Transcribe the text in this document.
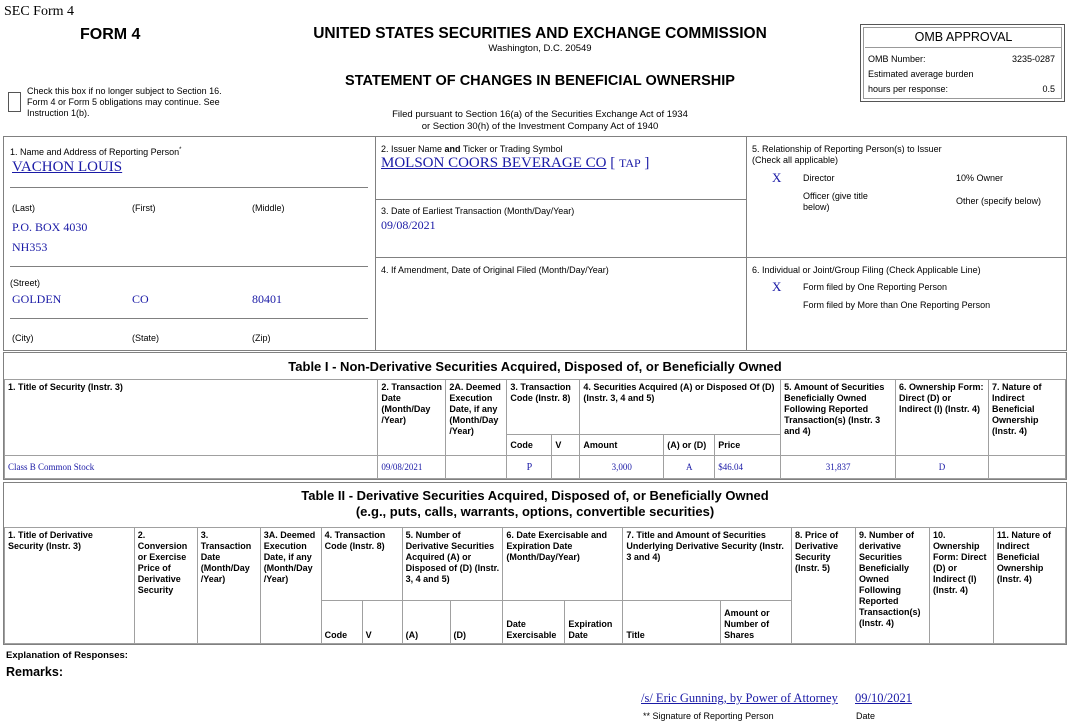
SEC Form 4
FORM 4	UNITED STATES SECURITIES AND EXCHANGE COMMISSION
Washington, D.C. 20549
STATEMENT OF CHANGES IN BENEFICIAL OWNERSHIP
Filed pursuant to Section 16(a) of the Securities Exchange Act of 1934
or Section 30(h) of the Investment Company Act of 1940
Check this box if no longer subject to Section 16. Form 4 or Form 5 obligations may continue. See Instruction 1(b).
OMB APPROVAL
OMB Number:	3235-0287
Estimated average burden
hours per response:	0.5
1. Name and Address of Reporting Person*
VACHON LOUIS
(Last)	(First)	(Middle)
P.O. BOX 4030
NH353
(Street)
GOLDEN	CO	80401
(City)	(State)	(Zip)
2. Issuer Name and Ticker or Trading Symbol
MOLSON COORS BEVERAGE CO [ TAP ]
3. Date of Earliest Transaction (Month/Day/Year)
09/08/2021
4. If Amendment, Date of Original Filed (Month/Day/Year)
5. Relationship of Reporting Person(s) to Issuer
(Check all applicable)
X Director	10% Owner
Officer (give title below)
Other (specify below)
6. Individual or Joint/Group Filing (Check Applicable Line)
X Form filed by One Reporting Person
Form filed by More than One Reporting Person
Table I - Non-Derivative Securities Acquired, Disposed of, or Beneficially Owned
1. Title of Security (Instr. 3)	2. Transaction Date (Month/Day /Year)	2A. Deemed Execution Date, if any (Month/Day /Year)	3. Transaction Code (Instr. 8)		4. Securities Acquired (A) or Disposed Of (D) (Instr. 3, 4 and 5)			5. Amount of Securities Beneficially Owned Following Reported Transaction(s) (Instr. 3 and 4)	6. Ownership Form: Direct (D) or Indirect (I) (Instr. 4)	7. Nature of Indirect Beneficial Ownership (Instr. 4)
			Code	V	Amount	(A) or (D)	Price			
Class B Common Stock	09/08/2021		P		3,000	A	$46.04	31,837	D	
Table II - Derivative Securities Acquired, Disposed of, or Beneficially Owned
(e.g., puts, calls, warrants, options, convertible securities)
1. Title of Derivative Security (Instr. 3)	2. Conversion or Exercise Price of Derivative Security	3. Transaction Date (Month/Day /Year)	3A. Deemed Execution Date, if any (Month/Day /Year)	4. Transaction Code (Instr. 8)		5. Number of Derivative Securities Acquired (A) or Disposed of (D) (Instr. 3, 4 and 5)		6. Date Exercisable and Expiration Date (Month/Day/Year)		7. Title and Amount of Securities Underlying Derivative Security (Instr. 3 and 4)		8. Price of Derivative Security (Instr. 5)	9. Number of derivative Securities Beneficially Owned Following Reported Transaction(s) (Instr. 4)	10. Ownership Form: Direct (D) or Indirect (I) (Instr. 4)	11. Nature of Indirect Beneficial Ownership (Instr. 4)
				Code	V	(A)	(D)	Date Exercisable	Expiration Date	Title	Amount or Number of Shares				
Explanation of Responses:
Remarks:
/s/ Eric Gunning, by Power of Attorney 09/10/2021
** Signature of Reporting Person	Date
